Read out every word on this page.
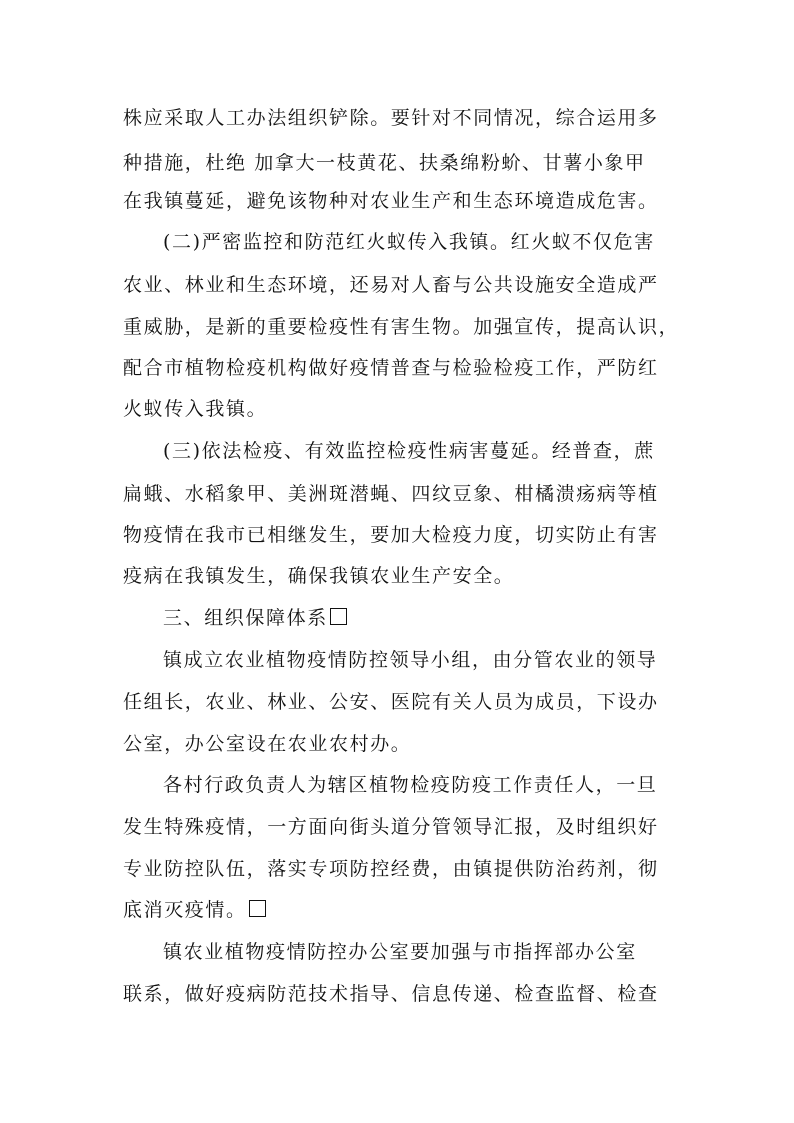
株应采取人工办法组织铲除。要针对不同情况，综合运用多
种措施，杜绝 加拿大一枝黄花、扶桑绵粉蚧、甘薯小象甲
在我镇蔓延，避免该物种对农业生产和生态环境造成危害。
(二)严密监控和防范红火蚁传入我镇。红火蚁不仅危害
农业、林业和生态环境，还易对人畜与公共设施安全造成严
重威胁，是新的重要检疫性有害生物。加强宣传，提高认识，
配合市植物检疫机构做好疫情普查与检验检疫工作，严防红
火蚁传入我镇。
(三)依法检疫、有效监控检疫性病害蔓延。经普查，蔗
扁蛾、水稻象甲、美洲斑潜蝇、四纹豆象、柑橘溃疡病等植
物疫情在我市已相继发生，要加大检疫力度，切实防止有害
疫病在我镇发生，确保我镇农业生产安全。
三、组织保障体系
镇成立农业植物疫情防控领导小组，由分管农业的领导
任组长，农业、林业、公安、医院有关人员为成员，下设办
公室，办公室设在农业农村办。
各村行政负责人为辖区植物检疫防疫工作责任人，一旦
发生特殊疫情，一方面向街头道分管领导汇报，及时组织好
专业防控队伍，落实专项防控经费，由镇提供防治药剂，彻
底消灭疫情。
镇农业植物疫情防控办公室要加强与市指挥部办公室
联系，做好疫病防范技术指导、信息传递、检查监督、检查
